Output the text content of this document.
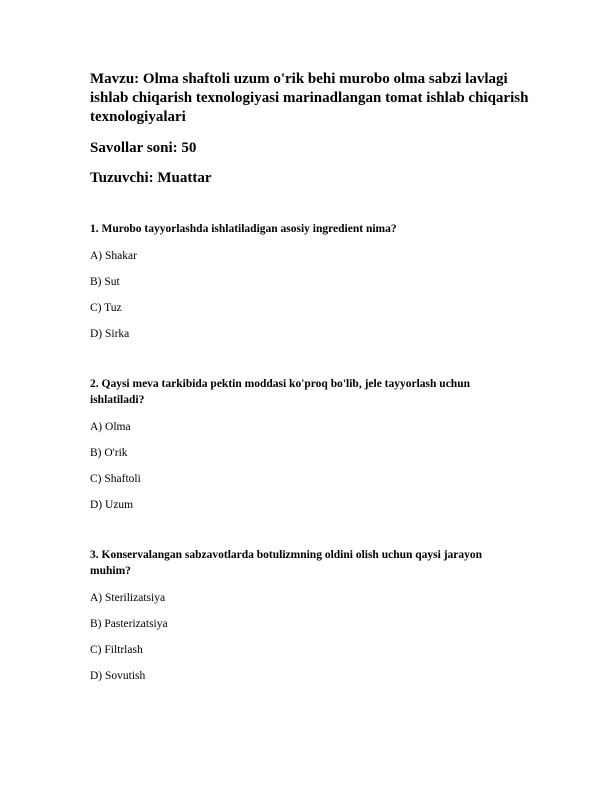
Mavzu: Olma shaftoli uzum o'rik behi murobo olma sabzi lavlagi ishlab chiqarish texnologiyasi marinadlangan tomat ishlab chiqarish texnologiyalari

Savollar soni: 50

Tuzuvchi: Muattar

1. Murobo tayyorlashda ishlatiladigan asosiy ingredient nima?

A) Shakar
B) Sut
C) Tuz
D) Sirka

2. Qaysi meva tarkibida pektin moddasi ko'proq bo'lib, jele tayyorlash uchun ishlatiladi?

A) Olma
B) O'rik
C) Shaftoli
D) Uzum

3. Konservalangan sabzavotlarda botulizmning oldini olish uchun qaysi jarayon muhim?

A) Sterilizatsiya
B) Pasterizatsiya
C) Filtrlash
D) Sovutish
